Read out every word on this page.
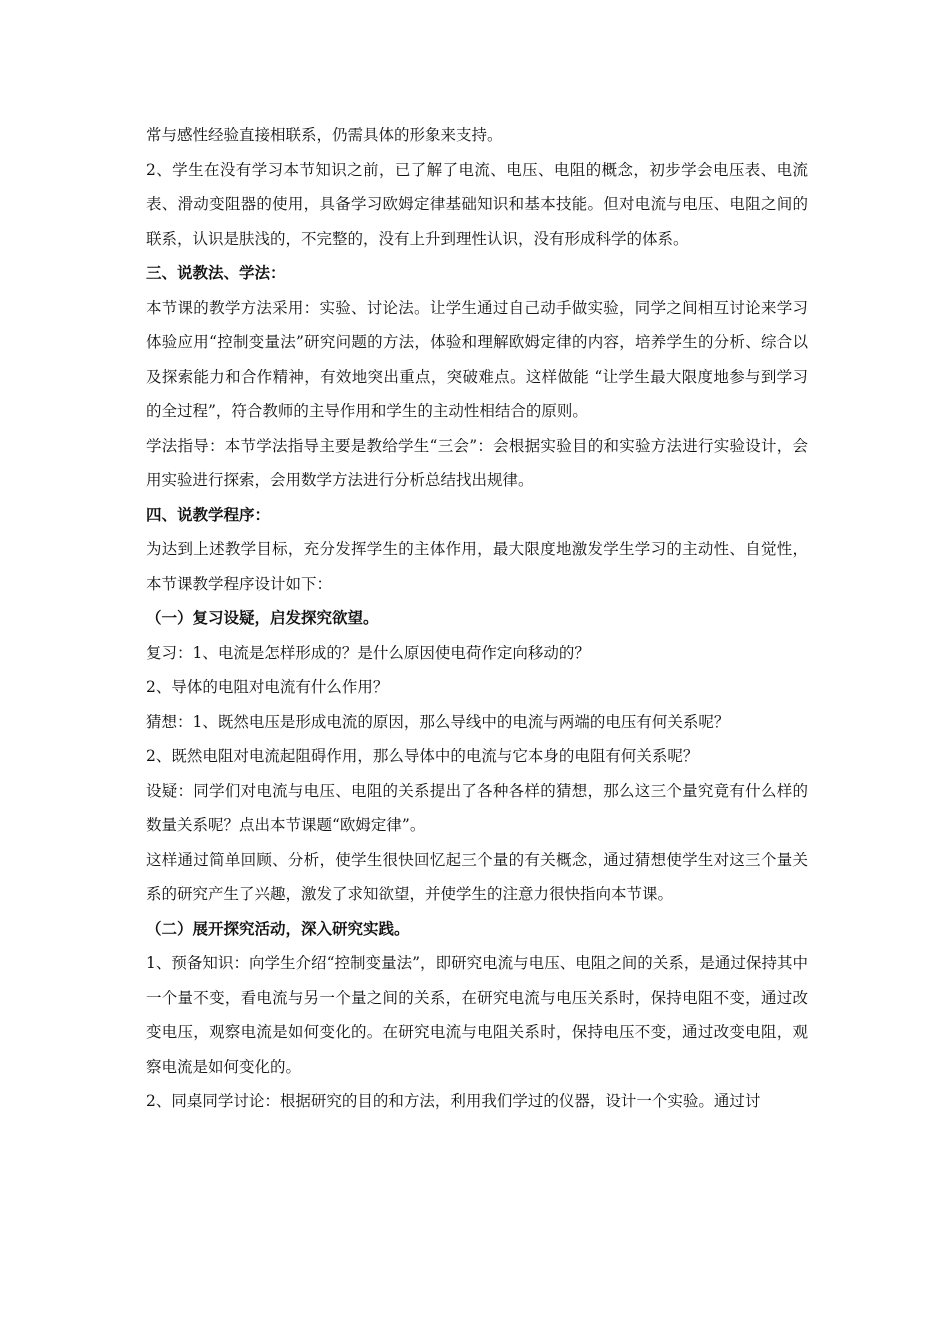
常与感性经验直接相联系，仍需具体的形象来支持。

2、学生在没有学习本节知识之前，已了解了电流、电压、电阻的概念，初步学会电压表、电流表、滑动变阻器的使用，具备学习欧姆定律基础知识和基本技能。但对电流与电压、电阻之间的联系，认识是肤浅的，不完整的，没有上升到理性认识，没有形成科学的体系。

三、说教法、学法：

本节课的教学方法采用：实验、讨论法。让学生通过自己动手做实验，同学之间相互讨论来学习体验应用“控制变量法”研究问题的方法，体验和理解欧姆定律的内容，培养学生的分析、综合以及探索能力和合作精神，有效地突出重点，突破难点。这样做能 “让学生最大限度地参与到学习的全过程”，符合教师的主导作用和学生的主动性相结合的原则。

学法指导：本节学法指导主要是教给学生“三会”：会根据实验目的和实验方法进行实验设计，会用实验进行探索，会用数学方法进行分析总结找出规律。

四、说教学程序：

为达到上述教学目标，充分发挥学生的主体作用，最大限度地激发学生学习的主动性、自觉性，本节课教学程序设计如下：

（一）复习设疑，启发探究欲望。

复习：1、电流是怎样形成的？是什么原因使电荷作定向移动的？

2、导体的电阻对电流有什么作用？

猜想：1、既然电压是形成电流的原因，那么导线中的电流与两端的电压有何关系呢？

2、既然电阻对电流起阻碍作用，那么导体中的电流与它本身的电阻有何关系呢？

设疑：同学们对电流与电压、电阻的关系提出了各种各样的猜想，那么这三个量究竟有什么样的数量关系呢？点出本节课题“欧姆定律”。

这样通过简单回顾、分析，使学生很快回忆起三个量的有关概念，通过猜想使学生对这三个量关系的研究产生了兴趣，激发了求知欲望，并使学生的注意力很快指向本节课。

（二）展开探究活动，深入研究实践。

1、预备知识：向学生介绍“控制变量法”，即研究电流与电压、电阻之间的关系，是通过保持其中一个量不变，看电流与另一个量之间的关系，在研究电流与电压关系时，保持电阻不变，通过改变电压，观察电流是如何变化的。在研究电流与电阻关系时，保持电压不变，通过改变电阻，观察电流是如何变化的。

2、同桌同学讨论：根据研究的目的和方法，利用我们学过的仪器，设计一个实验。通过讨
